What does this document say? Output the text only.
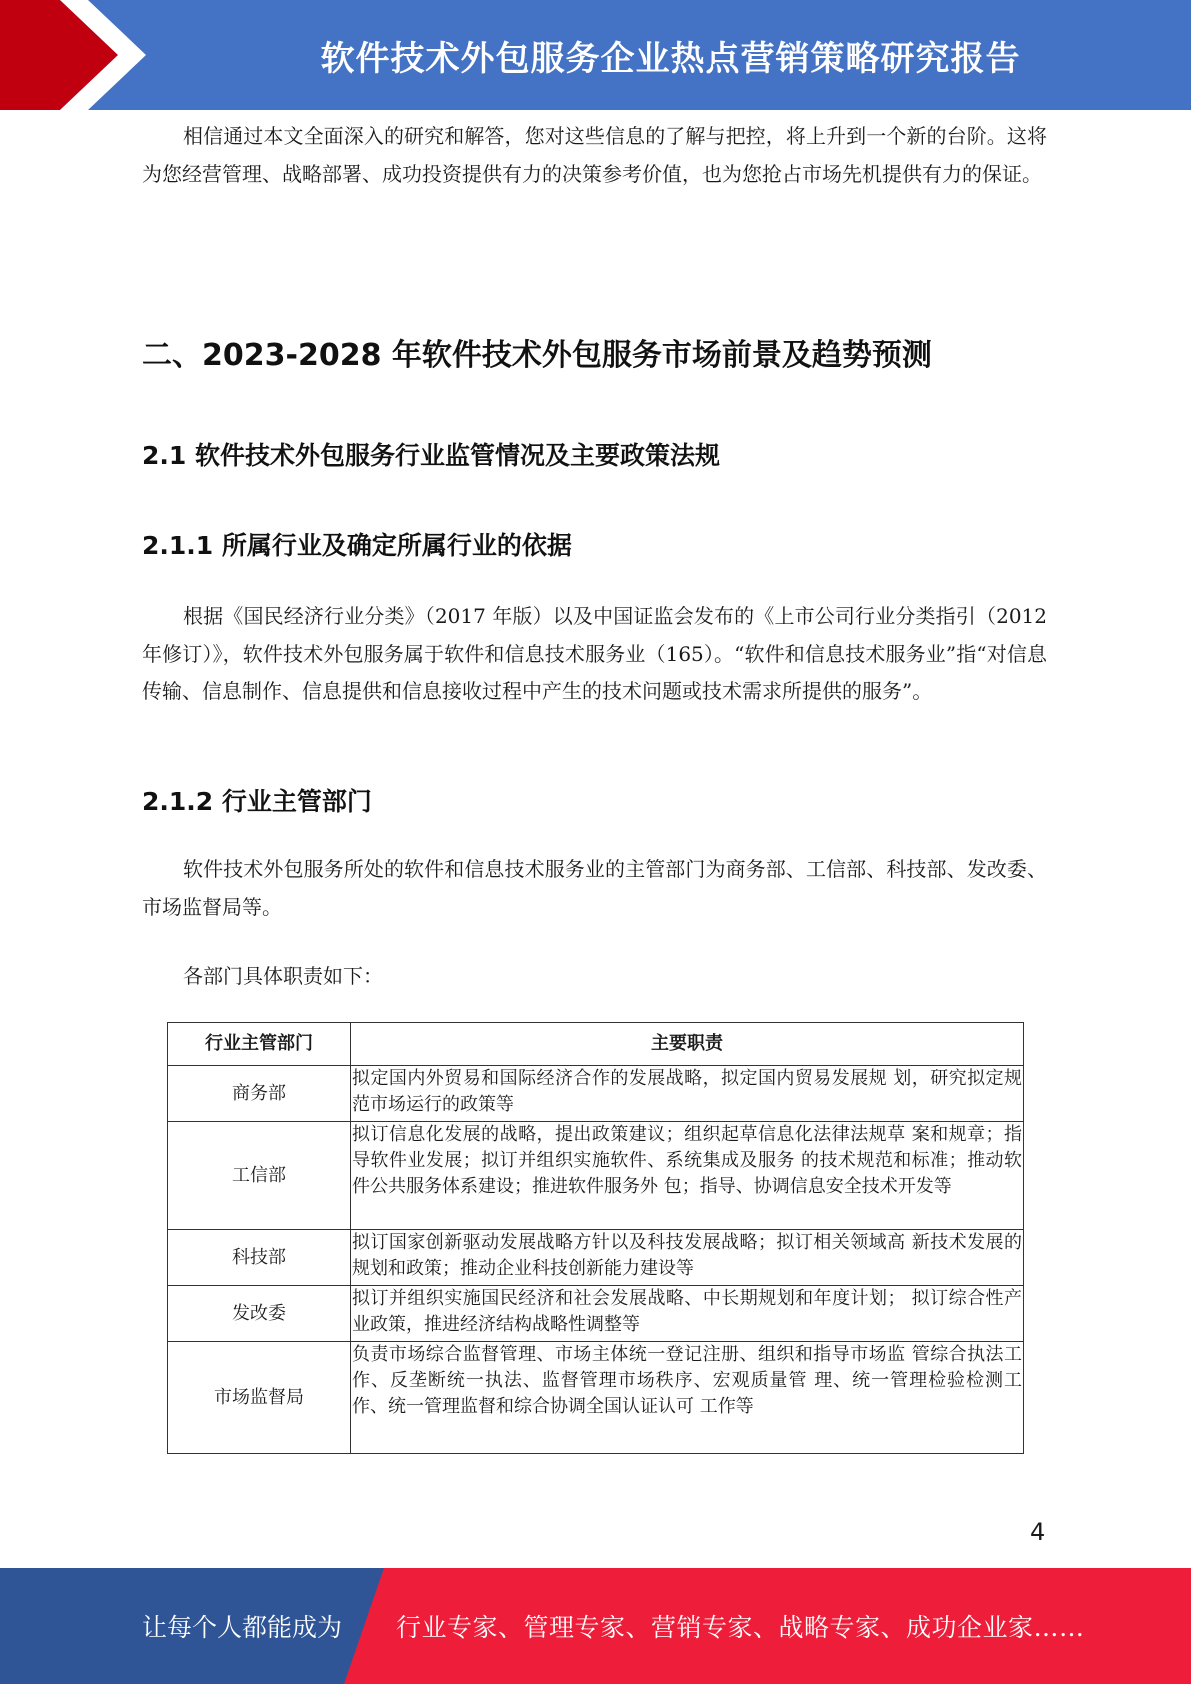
软件技术外包服务企业热点营销策略研究报告

相信通过本文全面深入的研究和解答，您对这些信息的了解与把控，将上升到一个新的台阶。这将为您经营管理、战略部署、成功投资提供有力的决策参考价值，也为您抢占市场先机提供有力的保证。

二、2023-2028 年软件技术外包服务市场前景及趋势预测
2.1 软件技术外包服务行业监管情况及主要政策法规
2.1.1 所属行业及确定所属行业的依据

根据《国民经济行业分类》（2017 年版）以及中国证监会发布的《上市公司行业分类指引（2012 年修订）》，软件技术外包服务属于软件和信息技术服务业（165）。“软件和信息技术服务业”指“对信息传输、信息制作、信息提供和信息接收过程中产生的技术问题或技术需求所提供的服务”。

2.1.2 行业主管部门

软件技术外包服务所处的软件和信息技术服务业的主管部门为商务部、工信部、科技部、发改委、市场监督局等。

各部门具体职责如下：

行业主管部门	主要职责
商务部	拟定国内外贸易和国际经济合作的发展战略，拟定国内贸易发展规 划，研究拟定规范市场运行的政策等
工信部	拟订信息化发展的战略，提出政策建议；组织起草信息化法律法规草 案和规章；指导软件业发展；拟订并组织实施软件、系统集成及服务 的技术规范和标准；推动软件公共服务体系建设；推进软件服务外 包；指导、协调信息安全技术开发等
科技部	拟订国家创新驱动发展战略方针以及科技发展战略；拟订相关领域高 新技术发展的规划和政策；推动企业科技创新能力建设等
发改委	拟订并组织实施国民经济和社会发展战略、中长期规划和年度计划； 拟订综合性产业政策，推进经济结构战略性调整等
市场监督局	负责市场综合监督管理、市场主体统一登记注册、组织和指导市场监 管综合执法工作、反垄断统一执法、监督管理市场秩序、宏观质量管 理、统一管理检验检测工作、统一管理监督和综合协调全国认证认可 工作等
4
让每个人都能成为 行业专家、管理专家、营销专家、战略专家、成功企业家……
